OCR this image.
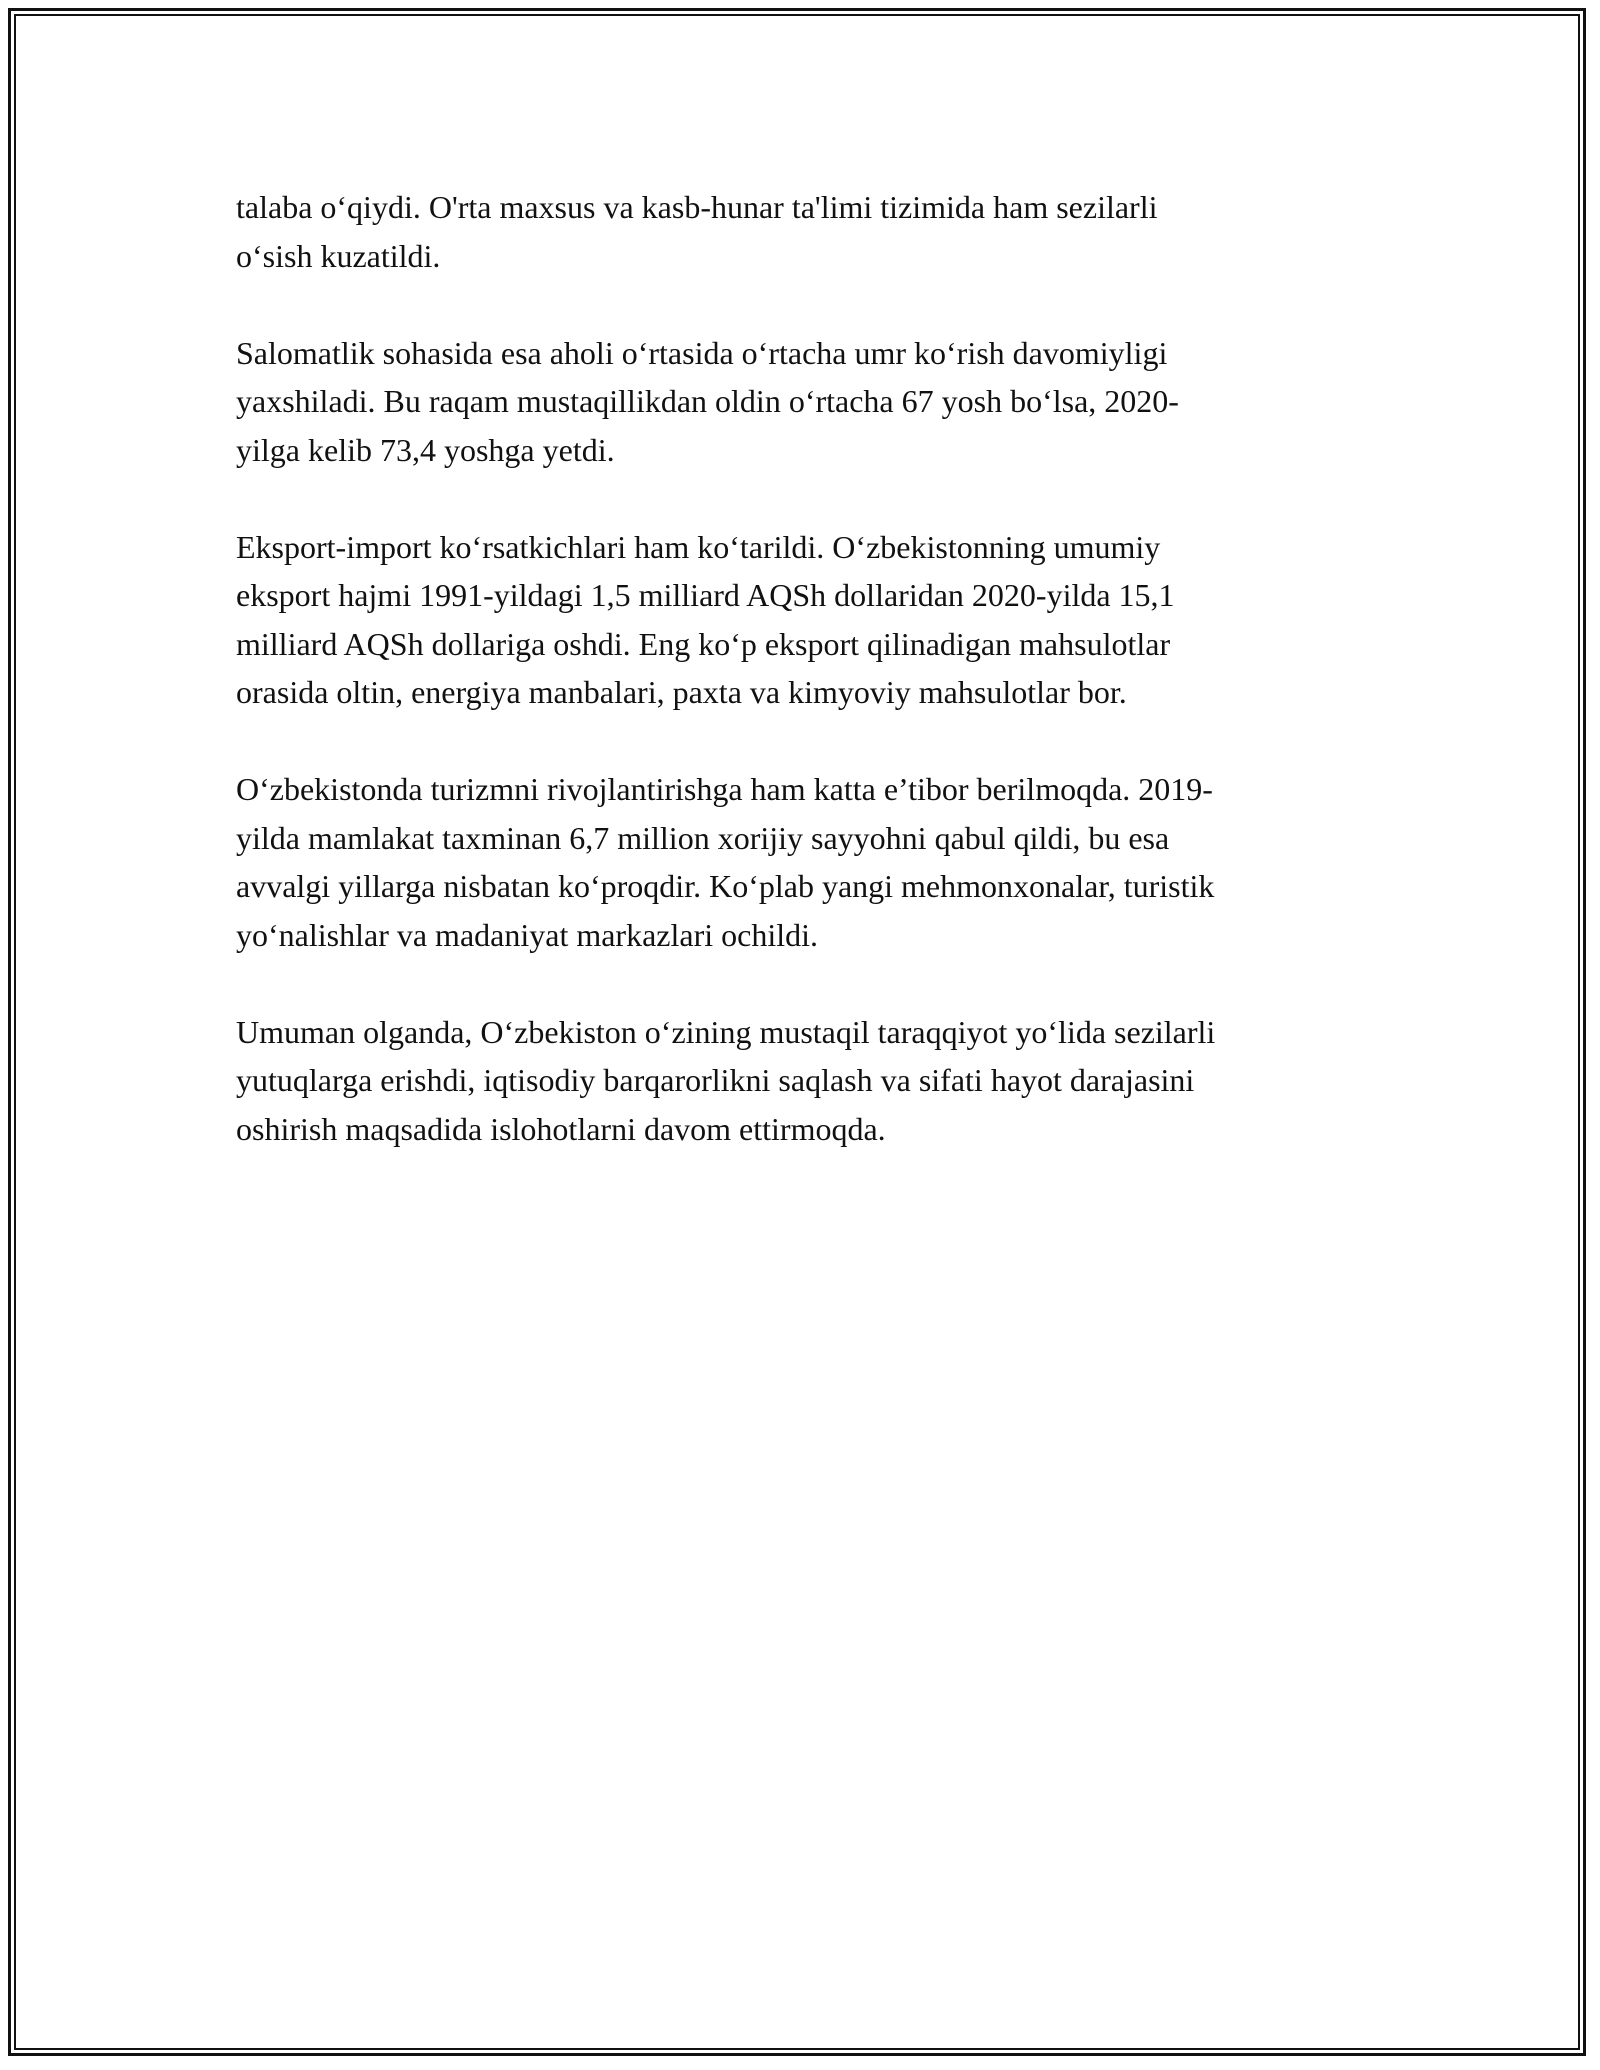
talaba oʻqiydi. O'rta maxsus va kasb-hunar ta'limi tizimida ham sezilarli
oʻsish kuzatildi.

Salomatlik sohasida esa aholi oʻrtasida oʻrtacha umr koʻrish davomiyligi
yaxshiladi. Bu raqam mustaqillikdan oldin oʻrtacha 67 yosh boʻlsa, 2020-
yilga kelib 73,4 yoshga yetdi.

Eksport-import koʻrsatkichlari ham koʻtarildi. Oʻzbekistonning umumiy
eksport hajmi 1991-yildagi 1,5 milliard AQSh dollaridan 2020-yilda 15,1
milliard AQSh dollariga oshdi. Eng koʻp eksport qilinadigan mahsulotlar
orasida oltin, energiya manbalari, paxta va kimyoviy mahsulotlar bor.

Oʻzbekistonda turizmni rivojlantirishga ham katta e’tibor berilmoqda. 2019-
yilda mamlakat taxminan 6,7 million xorijiy sayyohni qabul qildi, bu esa
avvalgi yillarga nisbatan koʻproqdir. Koʻplab yangi mehmonxonalar, turistik
yoʻnalishlar va madaniyat markazlari ochildi.

Umuman olganda, Oʻzbekiston oʻzining mustaqil taraqqiyot yoʻlida sezilarli
yutuqlarga erishdi, iqtisodiy barqarorlikni saqlash va sifati hayot darajasini
oshirish maqsadida islohotlarni davom ettirmoqda.
